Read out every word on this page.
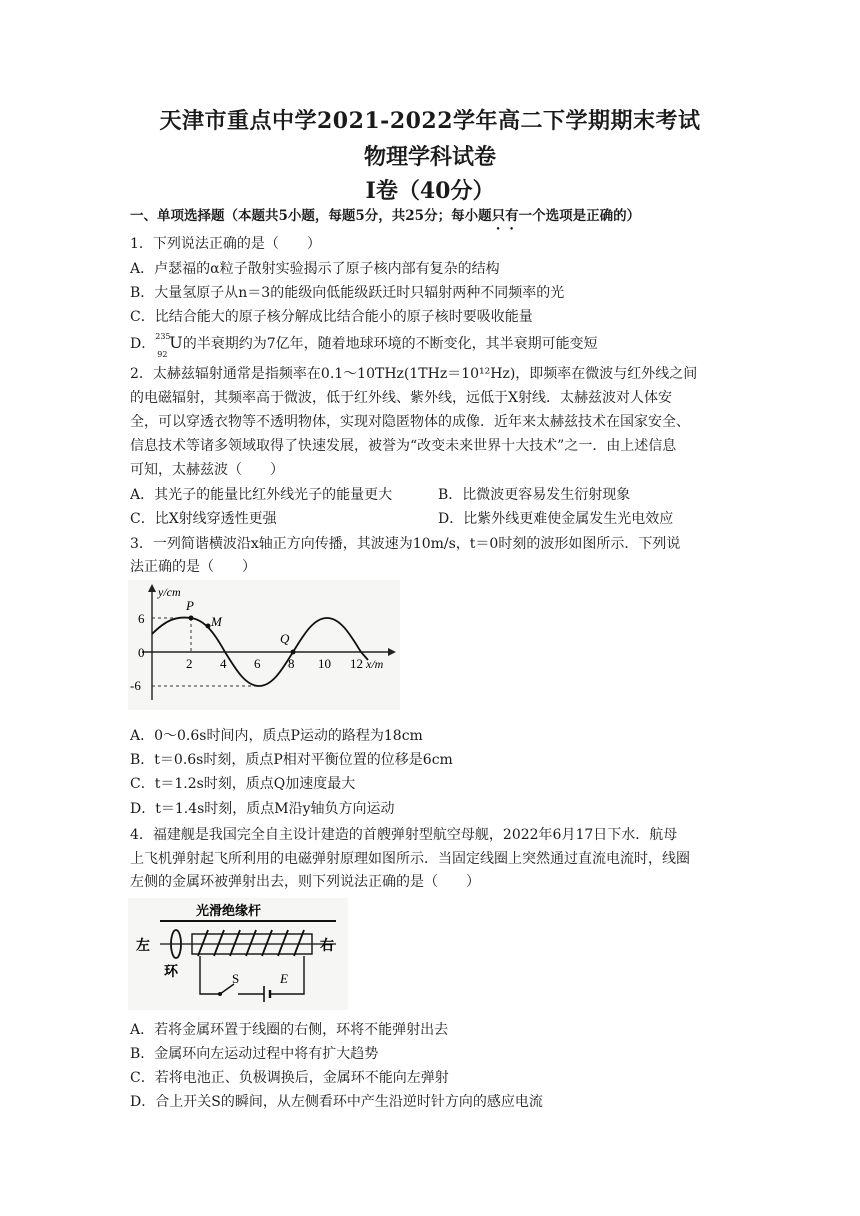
天津市重点中学2021-2022学年高二下学期期末考试
物理学科试卷
Ⅰ卷（40分）
一、单项选择题（本题共5小题，每题5分，共25分；每小题只有一个选项是正确的）
1．下列说法正确的是（　　）
A．卢瑟福的α粒子散射实验揭示了原子核内部有复杂的结构
B．大量氢原子从n＝3的能级向低能级跃迁时只辐射两种不同频率的光
C．比结合能大的原子核分解成比结合能小的原子核时要吸收能量
D． 235
92
U的半衰期约为7亿年，随着地球环境的不断变化，其半衰期可能变短
2．太赫兹辐射通常是指频率在0.1～10THz(1THz＝10¹²Hz)，即频率在微波与红外线之间
的电磁辐射，其频率高于微波，低于红外线、紫外线，远低于X射线．太赫兹波对人体安
全，可以穿透衣物等不透明物体，实现对隐匿物体的成像．近年来太赫兹技术在国家安全、
信息技术等诸多领域取得了快速发展，被誉为“改变未来世界十大技术”之一．由上述信息
可知，太赫兹波（　　）
A．其光子的能量比红外线光子的能量更大	B．比微波更容易发生衍射现象
C．比X射线穿透性更强	D．比紫外线更难使金属发生光电效应
3．一列简谐横波沿x轴正方向传播，其波速为10m/s，t＝0时刻的波形如图所示．下列说
法正确的是（　　）
P
M
Q
y/cm
x/m
6
0
-6
2 4 6 8 10 12
A．0～0.6s时间内，质点P运动的路程为18cm
B．t＝0.6s时刻，质点P相对平衡位置的位移是6cm
C．t＝1.2s时刻，质点Q加速度最大
D．t＝1.4s时刻，质点M沿y轴负方向运动
4．福建舰是我国完全自主设计建造的首艘弹射型航空母舰，2022年6月17日下水．航母
上飞机弹射起飞所利用的电磁弹射原理如图所示．当固定线圈上突然通过直流电流时，线圈
左侧的金属环被弹射出去，则下列说法正确的是（　　）
光滑绝缘杆
左
环
右
S	E
A．若将金属环置于线圈的右侧，环将不能弹射出去
B．金属环向左运动过程中将有扩大趋势
C．若将电池正、负极调换后，金属环不能向左弹射
D．合上开关S的瞬间，从左侧看环中产生沿逆时针方向的感应电流
